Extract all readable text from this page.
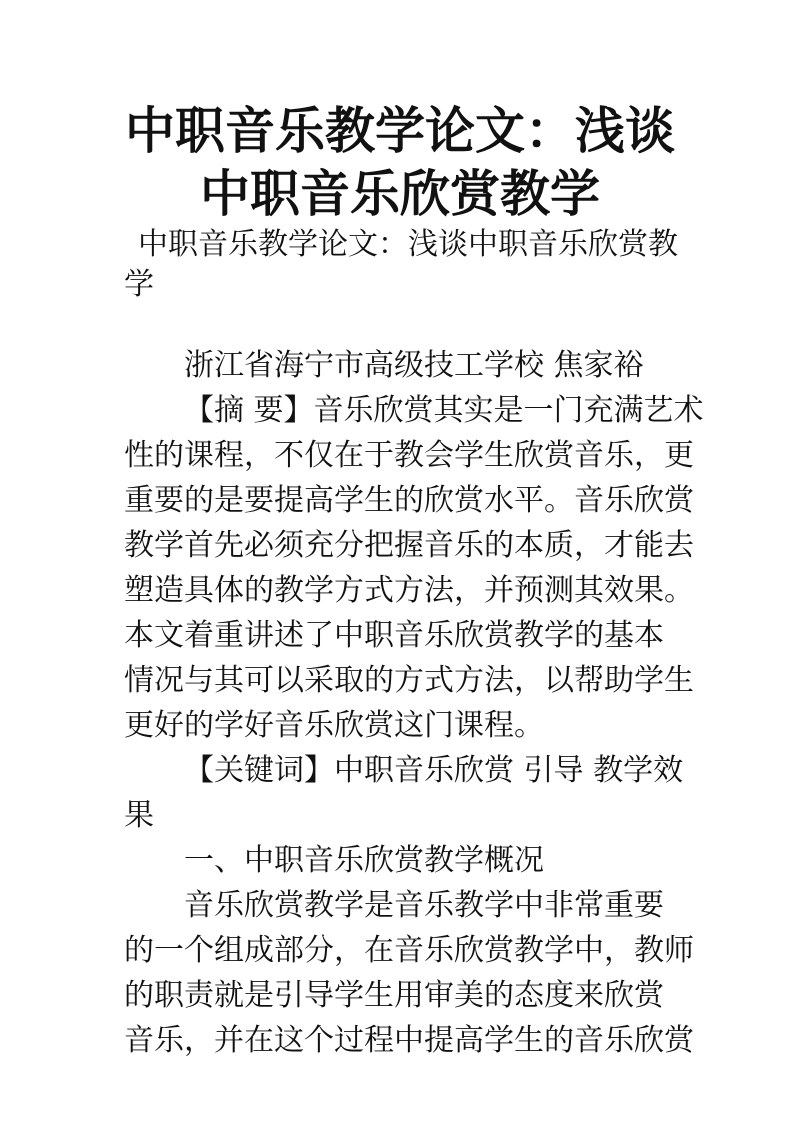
中职音乐教学论文：浅谈
中职音乐欣赏教学
中职音乐教学论文：浅谈中职音乐欣赏教
学
浙江省海宁市高级技工学校 焦家裕
【摘 要】音乐欣赏其实是一门充满艺术
性的课程，不仅在于教会学生欣赏音乐，更
重要的是要提高学生的欣赏水平。音乐欣赏
教学首先必须充分把握音乐的本质，才能去
塑造具体的教学方式方法，并预测其效果。
本文着重讲述了中职音乐欣赏教学的基本
情况与其可以采取的方式方法，以帮助学生
更好的学好音乐欣赏这门课程。
【关键词】中职音乐欣赏 引导 教学效
果
一、中职音乐欣赏教学概况
音乐欣赏教学是音乐教学中非常重要
的一个组成部分，在音乐欣赏教学中，教师
的职责就是引导学生用审美的态度来欣赏
音乐，并在这个过程中提高学生的音乐欣赏
